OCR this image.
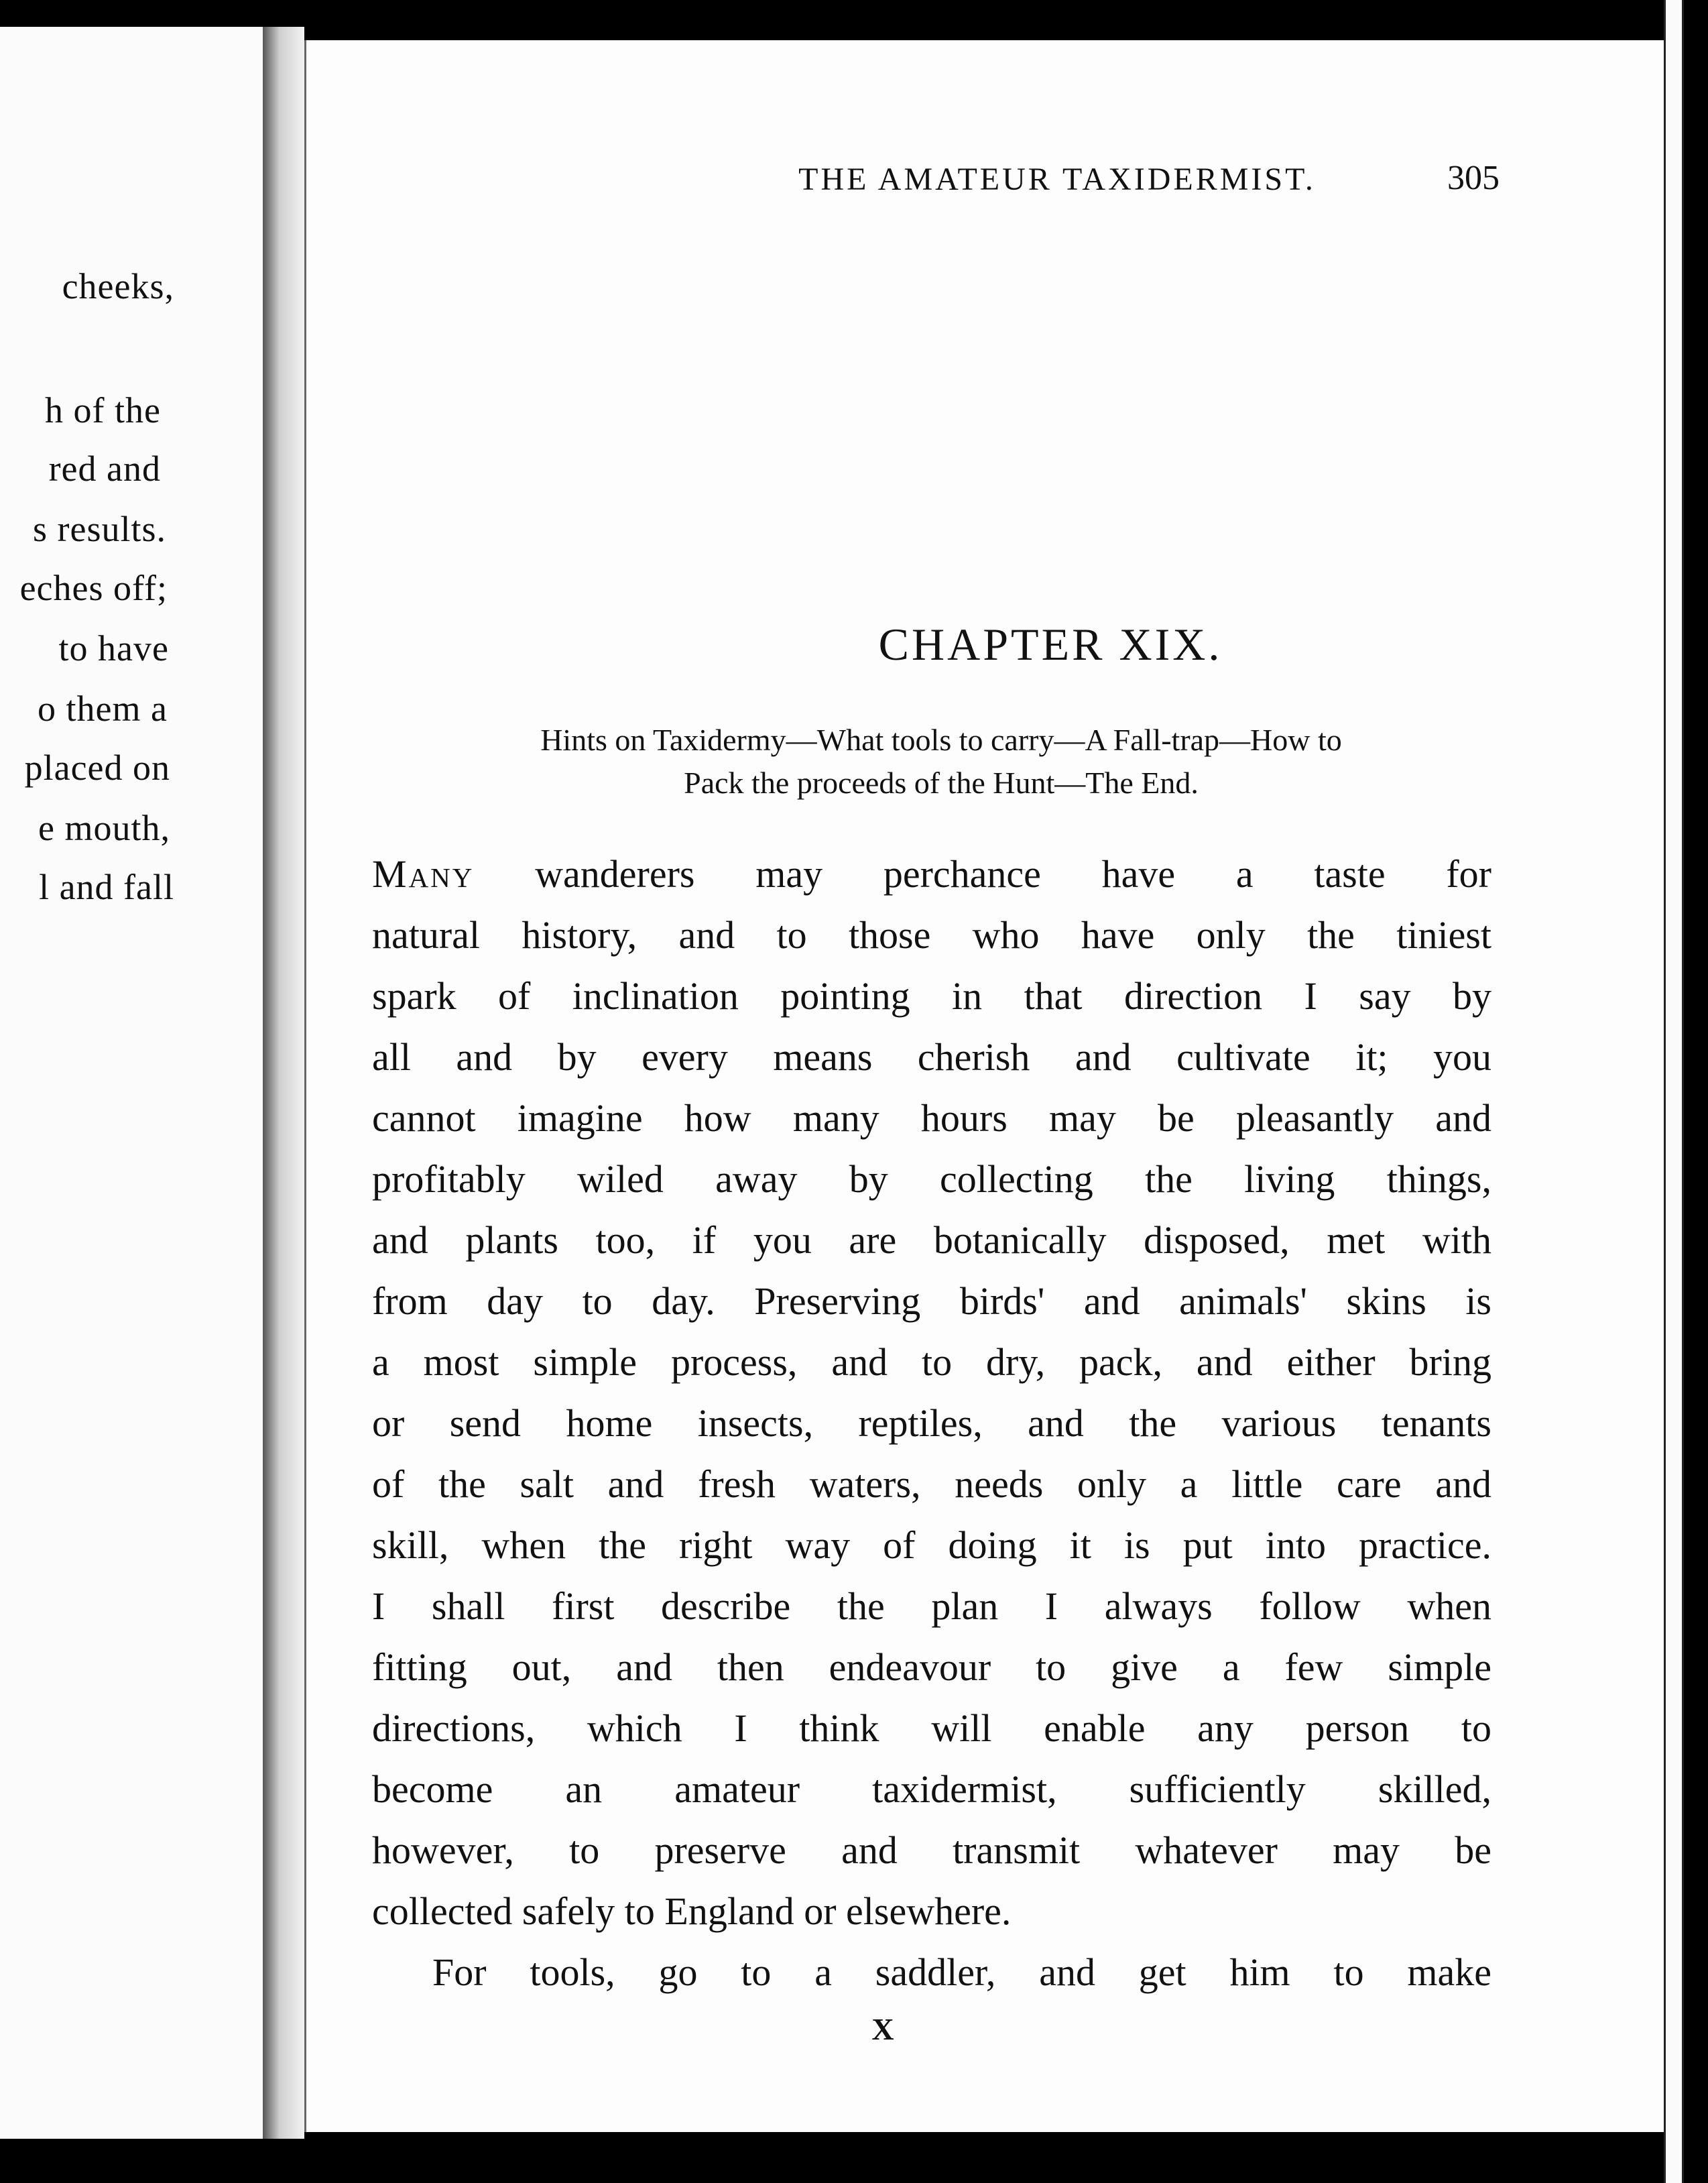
cheeks,
h of the
red and
s results.
eches off;
to have
o them a
placed on
e mouth,
l and fall
THE AMATEUR TAXIDERMIST.	305
CHAPTER XIX.
Hints on Taxidermy—What tools to carry—A Fall-trap—How to
Pack the proceeds of the Hunt—The End.
Many wanderers may perchance have a taste for
natural history, and to those who have only the tiniest
spark of inclination pointing in that direction I say by
all and by every means cherish and cultivate it; you
cannot imagine how many hours may be pleasantly and
profitably wiled away by collecting the living things,
and plants too, if you are botanically disposed, met with
from day to day. Preserving birds' and animals' skins is
a most simple process, and to dry, pack, and either bring
or send home insects, reptiles, and the various tenants
of the salt and fresh waters, needs only a little care and
skill, when the right way of doing it is put into practice.
I shall first describe the plan I always follow when
fitting out, and then endeavour to give a few simple
directions, which I think will enable any person to
become an amateur taxidermist, sufficiently skilled,
however, to preserve and transmit whatever may be
collected safely to England or elsewhere.
For tools, go to a saddler, and get him to make
X
